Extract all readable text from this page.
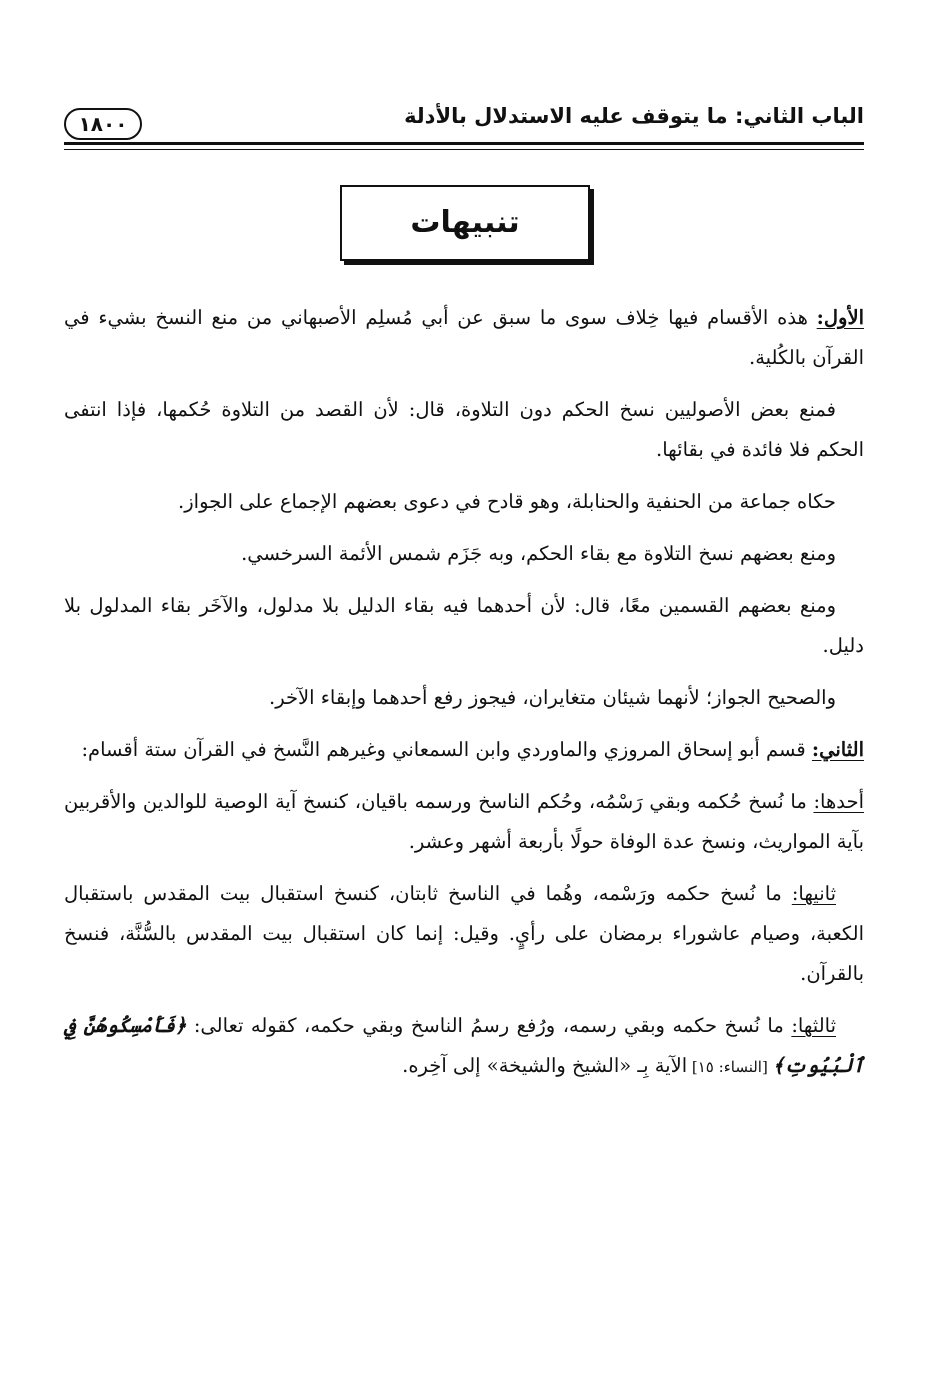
١٨٠٠	الباب الثاني: ما يتوقف عليه الاستدلال بالأدلة
تنبيهات

الأول: هذه الأقسام فيها خِلاف سوى ما سبق عن أبي مُسلِم الأصبهاني من منع النسخ بشيء في القرآن بالكُلية.

فمنع بعض الأصوليين نسخ الحكم دون التلاوة، قال: لأن القصد من التلاوة حُكمها، فإذا انتفى الحكم فلا فائدة في بقائها.

حكاه جماعة من الحنفية والحنابلة، وهو قادح في دعوى بعضهم الإجماع على الجواز.

ومنع بعضهم نسخ التلاوة مع بقاء الحكم، وبه جَزَم شمس الأئمة السرخسي.

ومنع بعضهم القسمين معًا، قال: لأن أحدهما فيه بقاء الدليل بلا مدلول، والآخَر بقاء المدلول بلا دليل.

والصحيح الجواز؛ لأنهما شيئان متغايران، فيجوز رفع أحدهما وإبقاء الآخر.

الثاني: قسم أبو إسحاق المروزي والماوردي وابن السمعاني وغيرهم النَّسخ في القرآن ستة أقسام:

أحدها: ما نُسخ حُكمه وبقي رَسْمُه، وحُكم الناسخ ورسمه باقيان، كنسخ آية الوصية للوالدين والأقربين بآية المواريث، ونسخ عدة الوفاة حولًا بأربعة أشهر وعشر.

ثانيها: ما نُسخ حكمه ورَسْمه، وهُما في الناسخ ثابتان، كنسخ استقبال بيت المقدس باستقبال الكعبة، وصيام عاشوراء برمضان على رأيٍ. وقيل: إنما كان استقبال بيت المقدس بالسُّنَّة، فنسخ بالقرآن.

ثالثها: ما نُسخ حكمه وبقي رسمه، ورُفع رسمُ الناسخ وبقي حكمه، كقوله تعالى: ﴿فَأَمْسِكُوهُنَّ فِي ٱلْبُيُوتِ﴾ [النساء: ١٥] الآية بِـ «الشيخ والشيخة» إلى آخِره.
